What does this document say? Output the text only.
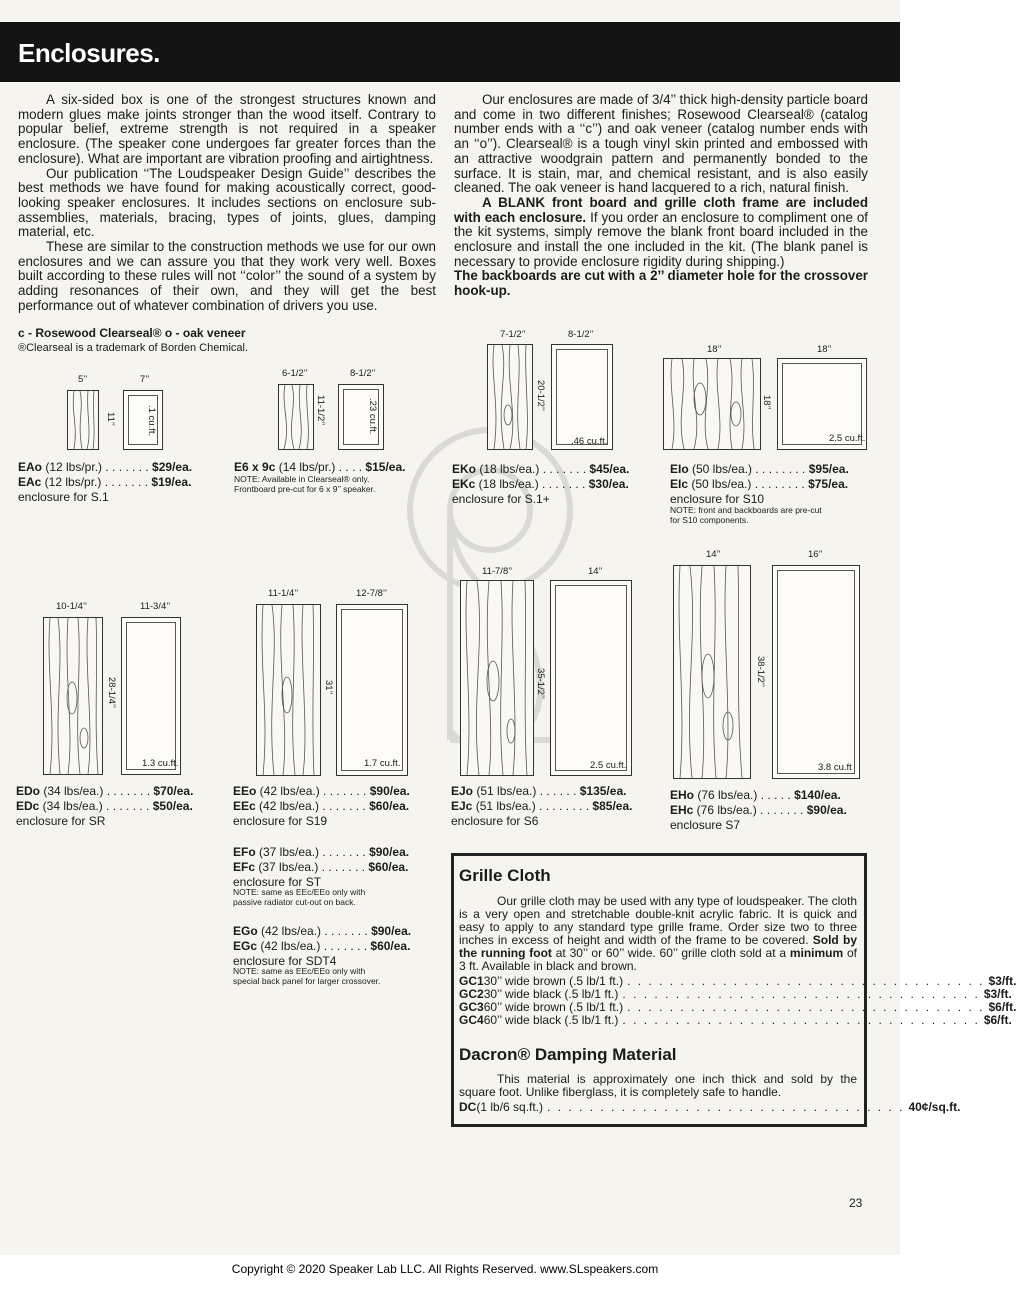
Enclosures.

A six-sided box is one of the strongest structures known and modern glues make joints stronger than the wood itself. Contrary to popular belief, extreme strength is not required in a speaker enclosure. (The speaker cone undergoes far greater forces than the enclosure). What are important are vibration proofing and airtightness.

Our publication ‘‘The Loudspeaker Design Guide’’ describes the best methods we have found for making acoustically correct, good-looking speaker enclosures. It includes sections on enclosure sub-assemblies, materials, bracing, types of joints, glues, damping material, etc.

These are similar to the construction methods we use for our own enclosures and we can assure you that they work very well. Boxes built according to these rules will not ‘‘color’’ the sound of a system by adding resonances of their own, and they will get the best performance out of whatever combination of drivers you use.

Our enclosures are made of 3/4’’ thick high-density particle board and come in two different finishes; Rosewood Clearseal® (catalog number ends with a ‘‘c’’) and oak veneer (catalog number ends with an ‘‘o’’). Clearseal® is a tough vinyl skin printed and embossed with an attractive woodgrain pattern and permanently bonded to the surface. It is stain, mar, and chemical resistant, and is also easily cleaned. The oak veneer is hand lacquered to a rich, natural finish.

A BLANK front board and grille cloth frame are included with each enclosure. If you order an enclosure to compliment one of the kit systems, simply remove the blank front board included in the enclosure and install the one included in the kit. (The blank panel is necessary to provide enclosure rigidity during shipping.)

The backboards are cut with a 2’’ diameter hole for the crossover hook-up.

c - Rosewood Clearseal® o - oak veneer
®Clearseal is a trademark of Borden Chemical.
5’’	7’’
11’’	.1 cu.ft.
EAo (12 lbs/pr.) . . . . . . . $29/ea.
EAc (12 lbs/pr.) . . . . . . . $19/ea.
enclosure for S.1
6-1/2’’	8-1/2’’
11-1/2’’	.23 cu.ft.
E6 x 9c (14 lbs/pr.) . . . . $15/ea.
NOTE: Available in Clearseal® only.
Frontboard pre-cut for 6 x 9’’ speaker.
7-1/2’’	8-1/2’’
20-1/2’’
.46 cu.ft.
EKo (18 lbs/ea.) . . . . . . . $45/ea.
EKc (18 lbs/ea.) . . . . . . . $30/ea.
enclosure for S.1+
18’’	18’’
18’’
2.5 cu.ft.
EIo (50 lbs/ea.) . . . . . . . . $95/ea.
EIc (50 lbs/ea.) . . . . . . . . $75/ea.
enclosure for S10
NOTE: front and backboards are pre-cut
for S10 components.
10-1/4’’	11-3/4’’
28-1/4’’
1.3 cu.ft.
EDo (34 lbs/ea.) . . . . . . . $70/ea.
EDc (34 lbs/ea.) . . . . . . . $50/ea.
enclosure for SR
11-1/4’’	12-7/8’’
31’’
1.7 cu.ft.
EEo (42 lbs/ea.) . . . . . . . $90/ea.
EEc (42 lbs/ea.) . . . . . . . $60/ea.
enclosure for S19
EFo (37 lbs/ea.) . . . . . . . $90/ea.
EFc (37 lbs/ea.) . . . . . . . $60/ea.
enclosure for ST
NOTE: same as EEc/EEo only with
passive radiator cut-out on back.
EGo (42 lbs/ea.) . . . . . . . $90/ea.
EGc (42 lbs/ea.) . . . . . . . $60/ea.
enclosure for SDT4
NOTE: same as EEc/EEo only with
special back panel for larger crossover.
11-7/8’’	14’’
35-1/2’’
2.5 cu.ft.
EJo (51 lbs/ea.) . . . . . . $135/ea.
EJc (51 lbs/ea.) . . . . . . . . $85/ea.
enclosure for S6
14’’	16’’
38-1/2’’
3.8 cu.ft
EHo (76 lbs/ea.) . . . . . $140/ea.
EHc (76 lbs/ea.) . . . . . . . $90/ea.
enclosure S7
Grille Cloth

Our grille cloth may be used with any type of loudspeaker. The cloth is a very open and stretchable double-knit acrylic fabric. It is quick and easy to apply to any standard type grille frame. Order size two to three inches in excess of height and width of the frame to be covered. Sold by the running foot at 30’’ or 60’’ wide. 60’’ grille cloth sold at a minimum of 3 ft. Available in black and brown.

GC1 30’’ wide brown (.5 lb/1 ft.) . . . . . . . . . . . . . . . . . . . . . . . . . . . . . . . . . . $3/ft.
GC2 30’’ wide black (.5 lb/1 ft.) . . . . . . . . . . . . . . . . . . . . . . . . . . . . . . . . . . $3/ft.
GC3 60’’ wide brown (.5 lb/1 ft.) . . . . . . . . . . . . . . . . . . . . . . . . . . . . . . . . . . $6/ft.
GC4 60’’ wide black (.5 lb/1 ft.) . . . . . . . . . . . . . . . . . . . . . . . . . . . . . . . . . . $6/ft.
Dacron® Damping Material

This material is approximately one inch thick and sold by the square foot. Unlike fiberglass, it is completely safe to handle.

DC (1 lb/6 sq.ft.) . . . . . . . . . . . . . . . . . . . . . . . . . . . . . . . . . . 40¢/sq.ft.
23
Copyright © 2020 Speaker Lab LLC. All Rights Reserved. www.SLspeakers.com
